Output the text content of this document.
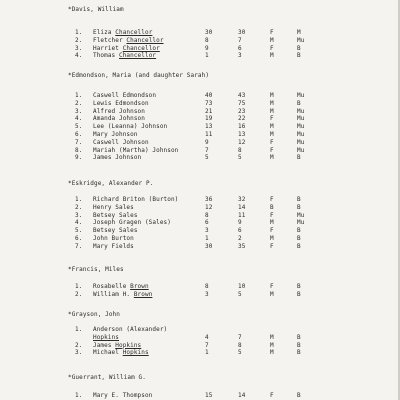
*Davis, William
1. Eliza Chancellor	30	30	F	M
2. Fletcher Chancellor	8	7	M	Mu
3. Harriet Chancellor	9	6	F	B
4. Thomas Chancellor	1	3	M	B
*Edmondson, Maria (and daughter Sarah)
1. Caswell Edmondson	40	43	M	Mu
2. Lewis Edmondson	73	75	M	B
3. Alfred Johnson	21	23	M	Mu
4. Amanda Johnson	19	22	F	Mu
5. Lee (Leanna) Johnson	13	16	M	Mu
6. Mary Johnson	11	13	M	Mu
7. Caswell Johnson	9	12	F	Mu
8. Mariah (Martha) Johnson	7	8	F	Mu
9. James Johnson	5	5	M	B
*Eskridge, Alexander P.
1. Richard Briton (Burton)	36	32	F	B
2. Henry Sales	12	14	B	B
3. Betsey Sales	8	11	F	Mu
4. Joseph Gragen (Sales)	6	9	M	Mu
5. Betsey Sales	3	6	F	B
6. John Burton	1	2	M	B
7. Mary Fields	30	35	F	B
*Francis, Miles
1. Rosabelle Brown	8	10	F	B
2. William H. Brown	3	5	M	B
*Grayson, John
1. Anderson (Alexander)
Hopkins	4	7	M	B
2. James Hopkins	7	8	M	B
3. Michael Hopkins	1	5	M	B
*Guerrant, William G.
1. Mary E. Thompson	15	14	F	B
